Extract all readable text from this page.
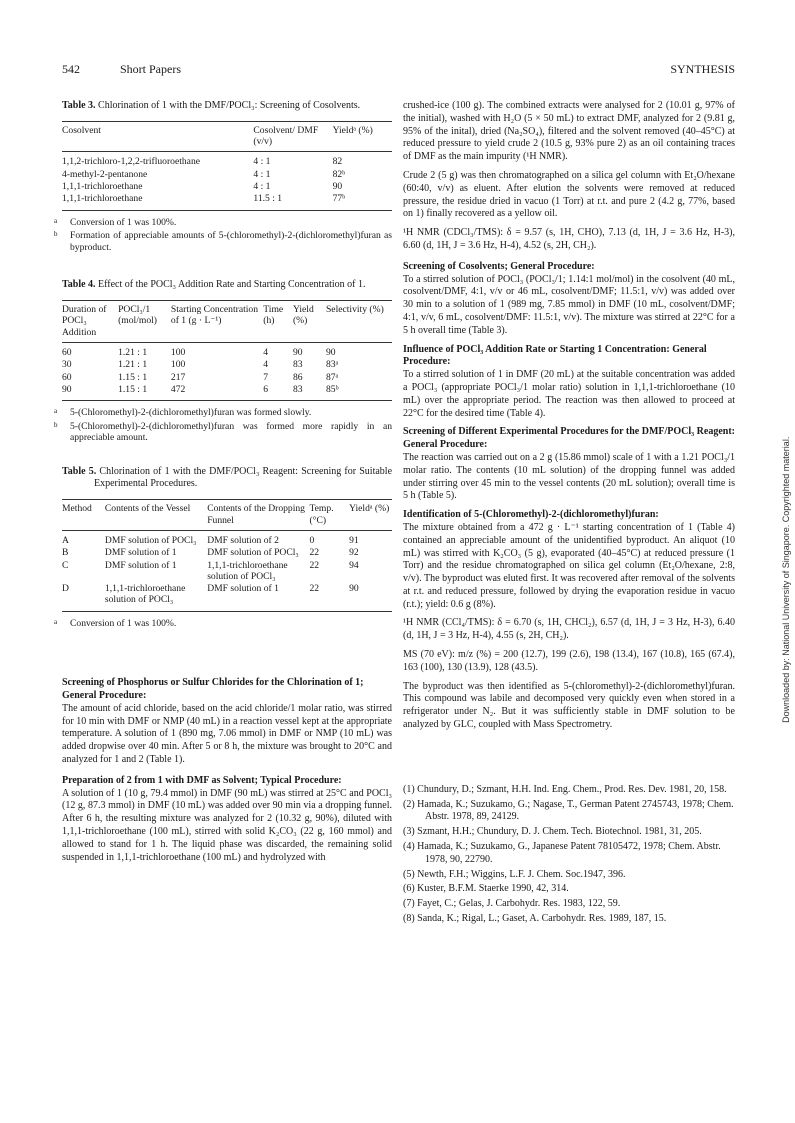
542	Short Papers	SYNTHESIS

Table 3. Chlorination of 1 with the DMF/POCl₃: Screening of Cosolvents.

Cosolvent	Cosolvent/ DMF (v/v)	Yieldᵃ (%)
1,1,2-trichloro-1,2,2-trifluoroethane	4 : 1	82
4-methyl-2-pentanone	4 : 1	82ᵇ
1,1,1-trichloroethane	4 : 1	90
1,1,1-trichloroethane	11.5 : 1	77ᵇ

a Conversion of 1 was 100%.

b Formation of appreciable amounts of 5-(chloromethyl)-2-(dichloromethyl)furan as byproduct.

Table 4. Effect of the POCl₃ Addition Rate and Starting Concentration of 1.

Duration of POCl₃ Addition	POCl₃/1 (mol/mol)	Starting Concentration of 1 (g · L⁻¹)	Time (h)	Yield (%)	Selectivity (%)
60	1.21 : 1	100	4	90	90
30	1.21 : 1	100	4	83	83ᵃ
60	1.15 : 1	217	7	86	87ᵃ
90	1.15 : 1	472	6	83	85ᵇ

a 5-(Chloromethyl)-2-(dichloromethyl)furan was formed slowly.

b 5-(Chloromethyl)-2-(dichloromethyl)furan was formed more rapidly in an appreciable amount.

Table 5. Chlorination of 1 with the DMF/POCl₃ Reagent: Screening for Suitable Experimental Procedures.

Method	Contents of the Vessel	Contents of the Dropping Funnel	Temp. (°C)	Yieldᵃ (%)
A	DMF solution of POCl₃	DMF solution of 2	0	91
B	DMF solution of 1	DMF solution of POCl₃	22	92
C	DMF solution of 1	1,1,1-trichloroethane solution of POCl₃	22	94
D	1,1,1-trichloroethane solution of POCl₃	DMF solution of 1	22	90

a Conversion of 1 was 100%.

Screening of Phosphorus or Sulfur Chlorides for the Chlorination of 1; General Procedure:

The amount of acid chloride, based on the acid chloride/1 molar ratio, was stirred for 10 min with DMF or NMP (40 mL) in a reaction vessel kept at the appropriate temperature. A solution of 1 (890 mg, 7.06 mmol) in DMF or NMP (10 mL) was added dropwise over 40 min. After 5 or 8 h, the mixture was brought to 20°C and analyzed for 1 and 2 (Table 1).

Preparation of 2 from 1 with DMF as Solvent; Typical Procedure:

A solution of 1 (10 g, 79.4 mmol) in DMF (90 mL) was stirred at 25°C and POCl₃ (12 g, 87.3 mmol) in DMF (10 mL) was added over 90 min via a dropping funnel. After 6 h, the resulting mixture was analyzed for 2 (10.32 g, 90%), diluted with 1,1,1-trichloroethane (100 mL), stirred with solid K₂CO₃ (22 g, 160 mmol) and allowed to stand for 1 h. The liquid phase was discarded, the remaining solid suspended in 1,1,1-trichloroethane (100 mL) and hydrolyzed with

crushed-ice (100 g). The combined extracts were analysed for 2 (10.01 g, 97% of the initial), washed with H₂O (5 × 50 mL) to extract DMF, analyzed for 2 (9.81 g, 95% of the inital), dried (Na₂SO₄), filtered and the solvent removed (40–45°C) at reduced pressure to yield crude 2 (10.5 g, 93% pure 2) as an oil containing traces of DMF as the main impurity (¹H NMR).

Crude 2 (5 g) was then chromatographed on a silica gel column with Et₂O/hexane (60:40, v/v) as eluent. After elution the solvents were removed at reduced pressure, the residue dried in vacuo (1 Torr) at r.t. and pure 2 (4.2 g, 77%, based on 1) finally recovered as a yellow oil.

¹H NMR (CDCl₃/TMS): δ = 9.57 (s, 1H, CHO), 7.13 (d, 1H, J = 3.6 Hz, H-3), 6.60 (d, 1H, J = 3.6 Hz, H-4), 4.52 (s, 2H, CH₂).

Screening of Cosolvents; General Procedure:

To a stirred solution of POCl₃ (POCl₃/1; 1.14:1 mol/mol) in the cosolvent (40 mL, cosolvent/DMF, 4:1, v/v or 46 mL, cosolvent/DMF; 11.5:1, v/v) was added over 30 min to a solution of 1 (989 mg, 7.85 mmol) in DMF (10 mL, cosolvent/DMF; 4:1, v/v, 6 mL, cosolvent/DMF: 11.5:1, v/v). The mixture was stirred at 22°C for a 5 h overall time (Table 3).

Influence of POCl₃ Addition Rate or Starting 1 Concentration: General Procedure:

To a stirred solution of 1 in DMF (20 mL) at the suitable concentration was added a POCl₃ (appropriate POCl₃/1 molar ratio) solution in 1,1,1-trichloroethane (10 mL) over the appropriate period. The reaction was then allowed to proceed at 22°C for the desired time (Table 4).

Screening of Different Experimental Procedures for the DMF/POCl₃ Reagent: General Procedure:

The reaction was carried out on a 2 g (15.86 mmol) scale of 1 with a 1.21 POCl₃/1 molar ratio. The contents (10 mL solution) of the dropping funnel was added under stirring over 45 min to the vessel contents (20 mL solution); overall time is 5 h (Table 5).

Identification of 5-(Chloromethyl)-2-(dichloromethyl)furan:

The mixture obtained from a 472 g · L⁻¹ starting concentration of 1 (Table 4) contained an appreciable amount of the unidentified byproduct. An aliquot (10 mL) was stirred with K₂CO₃ (5 g), evaporated (40–45°C) at reduced pressure (1 Torr) and the residue chromatographed on silica gel column (Et₂O/hexane, 2:8, v/v). The byproduct was eluted first. It was recovered after removal of the solvents at r.t. and reduced pressure, followed by drying the evaporation residue in vacuo (r.t.); yield: 0.6 g (8%).

¹H NMR (CCl₄/TMS): δ = 6.70 (s, 1H, CHCl₂), 6.57 (d, 1H, J = 3 Hz, H-3), 6.40 (d, 1H, J = 3 Hz, H-4), 4.55 (s, 2H, CH₂).

MS (70 eV): m/z (%) = 200 (12.7), 199 (2.6), 198 (13.4), 167 (10.8), 165 (67.4), 163 (100), 130 (13.9), 128 (43.5).

The byproduct was then identified as 5-(chloromethyl)-2-(dichloromethyl)furan. This compound was labile and decomposed very quickly even when stored in a refrigerator under N₂. But it was sufficiently stable in DMF solution to be analyzed by GLC, coupled with Mass Spectrometry.

(1) Chundury, D.; Szmant, H.H. Ind. Eng. Chem., Prod. Res. Dev. 1981, 20, 158.

(2) Hamada, K.; Suzukamo, G.; Nagase, T., German Patent 2745743, 1978; Chem. Abstr. 1978, 89, 24129.

(3) Szmant, H.H.; Chundury, D. J. Chem. Tech. Biotechnol. 1981, 31, 205.

(4) Hamada, K.; Suzukamo, G., Japanese Patent 78105472, 1978; Chem. Abstr. 1978, 90, 22790.

(5) Newth, F.H.; Wiggins, L.F. J. Chem. Soc.1947, 396.

(6) Kuster, B.F.M. Staerke 1990, 42, 314.

(7) Fayet, C.; Gelas, J. Carbohydr. Res. 1983, 122, 59.

(8) Sanda, K.; Rigal, L.; Gaset, A. Carbohydr. Res. 1989, 187, 15.

Downloaded by: National University of Singapore. Copyrighted material.
